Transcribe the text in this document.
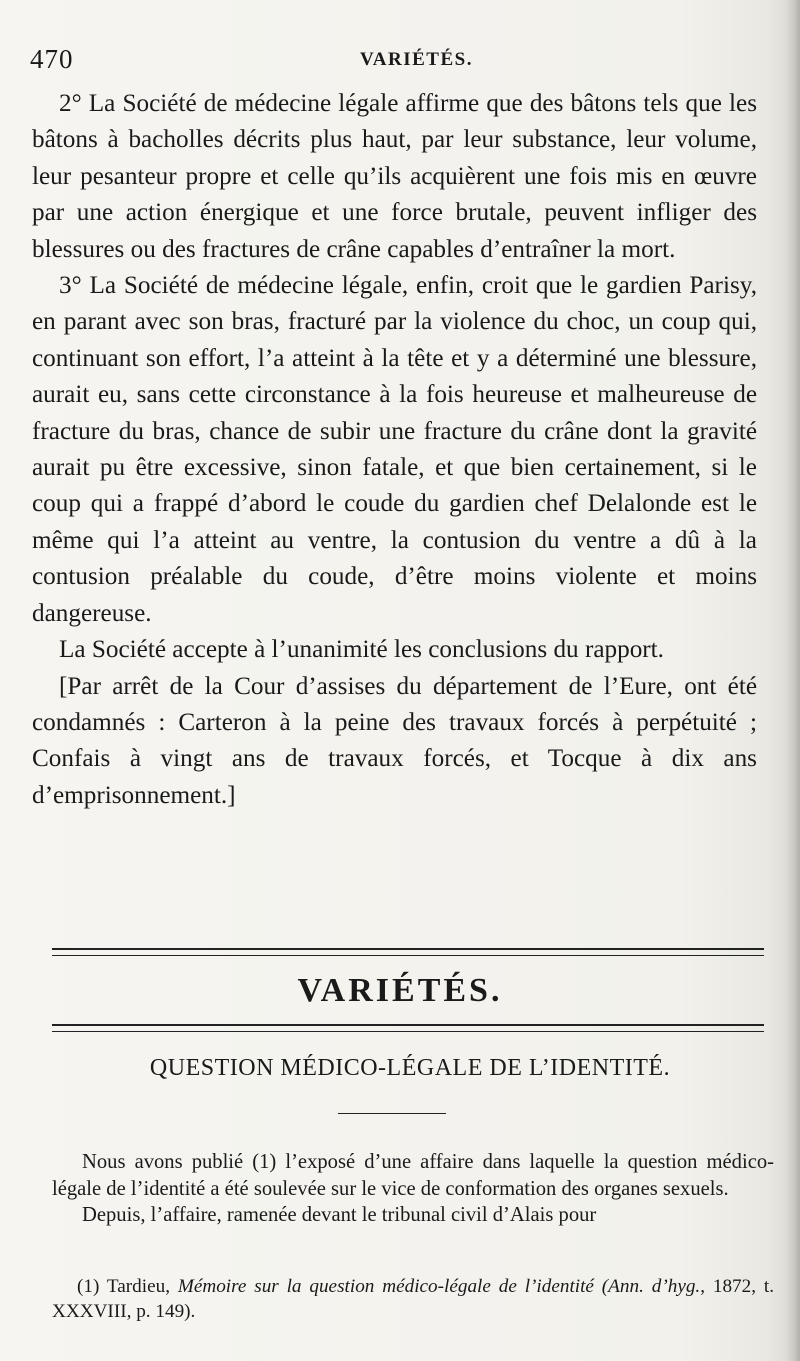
470	VARIÉTÉS.

2° La Société de médecine légale affirme que des bâtons tels que les bâtons à bacholles décrits plus haut, par leur substance, leur volume, leur pesanteur propre et celle qu’ils acquièrent une fois mis en œuvre par une action énergique et une force brutale, peuvent infliger des blessures ou des fractures de crâne capables d’entraîner la mort.

3° La Société de médecine légale, enfin, croit que le gardien Parisy, en parant avec son bras, fracturé par la violence du choc, un coup qui, continuant son effort, l’a atteint à la tête et y a déterminé une blessure, aurait eu, sans cette circonstance à la fois heureuse et malheureuse de fracture du bras, chance de subir une fracture du crâne dont la gravité aurait pu être excessive, sinon fatale, et que bien certainement, si le coup qui a frappé d’abord le coude du gardien chef Delalonde est le même qui l’a atteint au ventre, la contusion du ventre a dû à la contusion préalable du coude, d’être moins violente et moins dangereuse.

La Société accepte à l’unanimité les conclusions du rapport.

[Par arrêt de la Cour d’assises du département de l’Eure, ont été condamnés : Carteron à la peine des travaux forcés à perpétuité ; Confais à vingt ans de travaux forcés, et Tocque à dix ans d’emprisonnement.]

VARIÉTÉS.
QUESTION MÉDICO-LÉGALE DE L’IDENTITÉ.

Nous avons publié (1) l’exposé d’une affaire dans laquelle la question médico-légale de l’identité a été soulevée sur le vice de conformation des organes sexuels.

Depuis, l’affaire, ramenée devant le tribunal civil d’Alais pour

(1) Tardieu, Mémoire sur la question médico-légale de l’identité (Ann. d’hyg., 1872, t. XXXVIII, p. 149).
